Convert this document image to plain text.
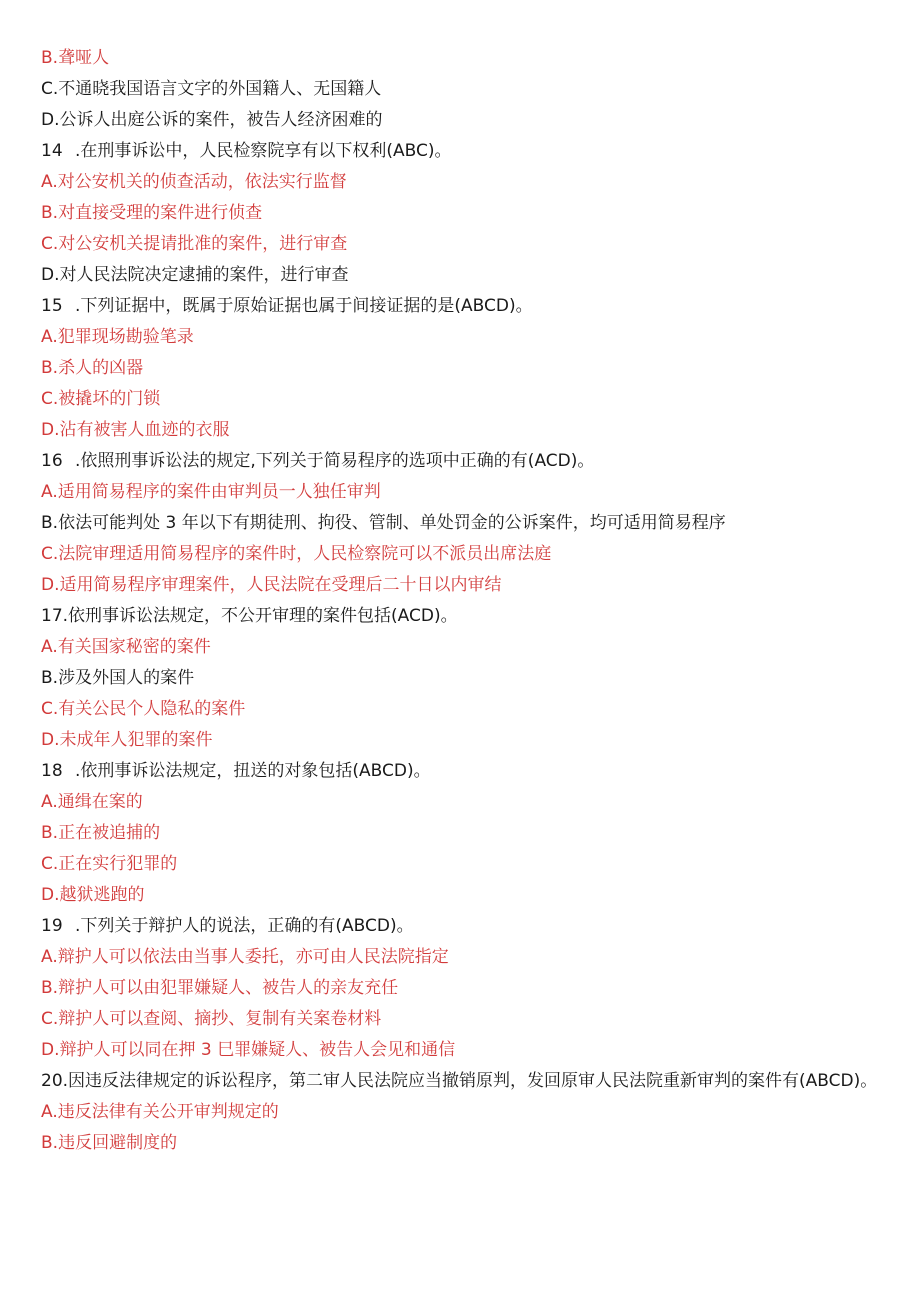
B.聋哑人
C.不通晓我国语言文字的外国籍人、无国籍人
D.公诉人出庭公诉的案件，被告人经济困难的
14 .在刑事诉讼中，人民检察院享有以下权利(ABC)。
A.对公安机关的侦查活动，依法实行监督
B.对直接受理的案件进行侦查
C.对公安机关提请批准的案件，进行审查
D.对人民法院决定逮捕的案件，进行审查
15 .下列证据中，既属于原始证据也属于间接证据的是(ABCD)。
A.犯罪现场勘验笔录
B.杀人的凶器
C.被撬坏的门锁
D.沾有被害人血迹的衣服
16 .依照刑事诉讼法的规定,下列关于简易程序的选项中正确的有(ACD)。
A.适用简易程序的案件由审判员一人独任审判
B.依法可能判处 3 年以下有期徒刑、拘役、管制、单处罚金的公诉案件，均可适用简易程序
C.法院审理适用简易程序的案件时，人民检察院可以不派员出席法庭
D.适用简易程序审理案件，人民法院在受理后二十日以内审结
17.依刑事诉讼法规定，不公开审理的案件包括(ACD)。
A.有关国家秘密的案件
B.涉及外国人的案件
C.有关公民个人隐私的案件
D.未成年人犯罪的案件
18 .依刑事诉讼法规定，扭送的对象包括(ABCD)。
A.通缉在案的
B.正在被追捕的
C.正在实行犯罪的
D.越狱逃跑的
19 .下列关于辩护人的说法，正确的有(ABCD)。
A.辩护人可以依法由当事人委托，亦可由人民法院指定
B.辩护人可以由犯罪嫌疑人、被告人的亲友充任
C.辩护人可以查阅、摘抄、复制有关案卷材料
D.辩护人可以同在押 3 巳罪嫌疑人、被告人会见和通信
20.因违反法律规定的诉讼程序，第二审人民法院应当撤销原判，发回原审人民法院重新审判的案件有(ABCD)。
A.违反法律有关公开审判规定的
B.违反回避制度的
